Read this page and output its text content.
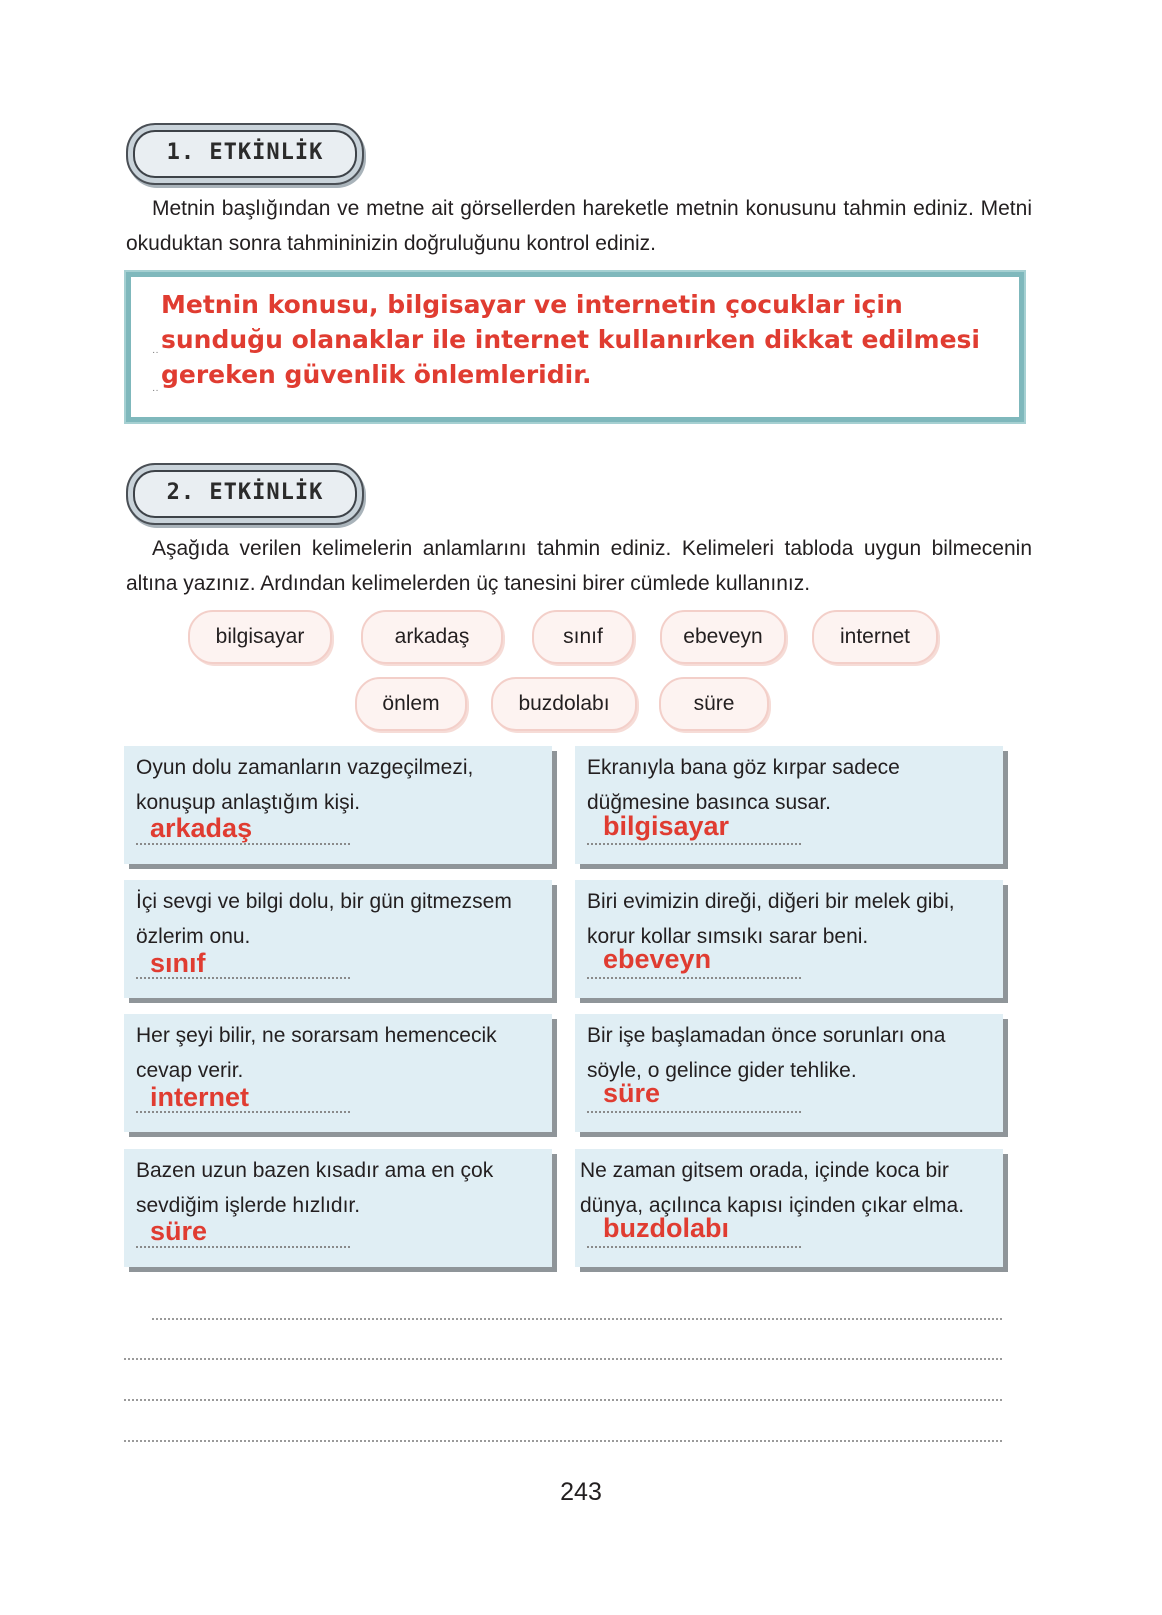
1. ETKİNLİK

Metnin başlığından ve metne ait görsellerden hareketle metnin konusunu tahmin ediniz. Metni okuduktan sonra tahmininizin doğruluğunu kontrol ediniz.

··
··

Metnin konusu, bilgisayar ve internetin çocuklar için sunduğu olanaklar ile internet kullanırken dikkat edilmesi gereken güvenlik önlemleridir.

2. ETKİNLİK

Aşağıda verilen kelimelerin anlamlarını tahmin ediniz. Kelimeleri tabloda uygun bilmecenin altına yazınız. Ardından kelimelerden üç tanesini birer cümlede kullanınız.

bilgisayar	arkadaş	sınıf	ebeveyn	internet
önlem	buzdolabı	süre

Oyun dolu zamanların vazgeçilmezi, konuşup anlaştığım kişi.

arkadaş

Ekranıyla bana göz kırpar sadece düğmesine basınca susar.

bilgisayar

İçi sevgi ve bilgi dolu, bir gün gitmezsem özlerim onu.

sınıf

Biri evimizin direği, diğeri bir melek gibi, korur kollar sımsıkı sarar beni.

ebeveyn

Her şeyi bilir, ne sorarsam hemencecik cevap verir.

internet

Bir işe başlamadan önce sorunları ona söyle, o gelince gider tehlike.

süre

Bazen uzun bazen kısadır ama en çok sevdiğim işlerde hızlıdır.

süre

Ne zaman gitsem orada, içinde koca bir dünya, açılınca kapısı içinden çıkar elma.

buzdolabı
243
